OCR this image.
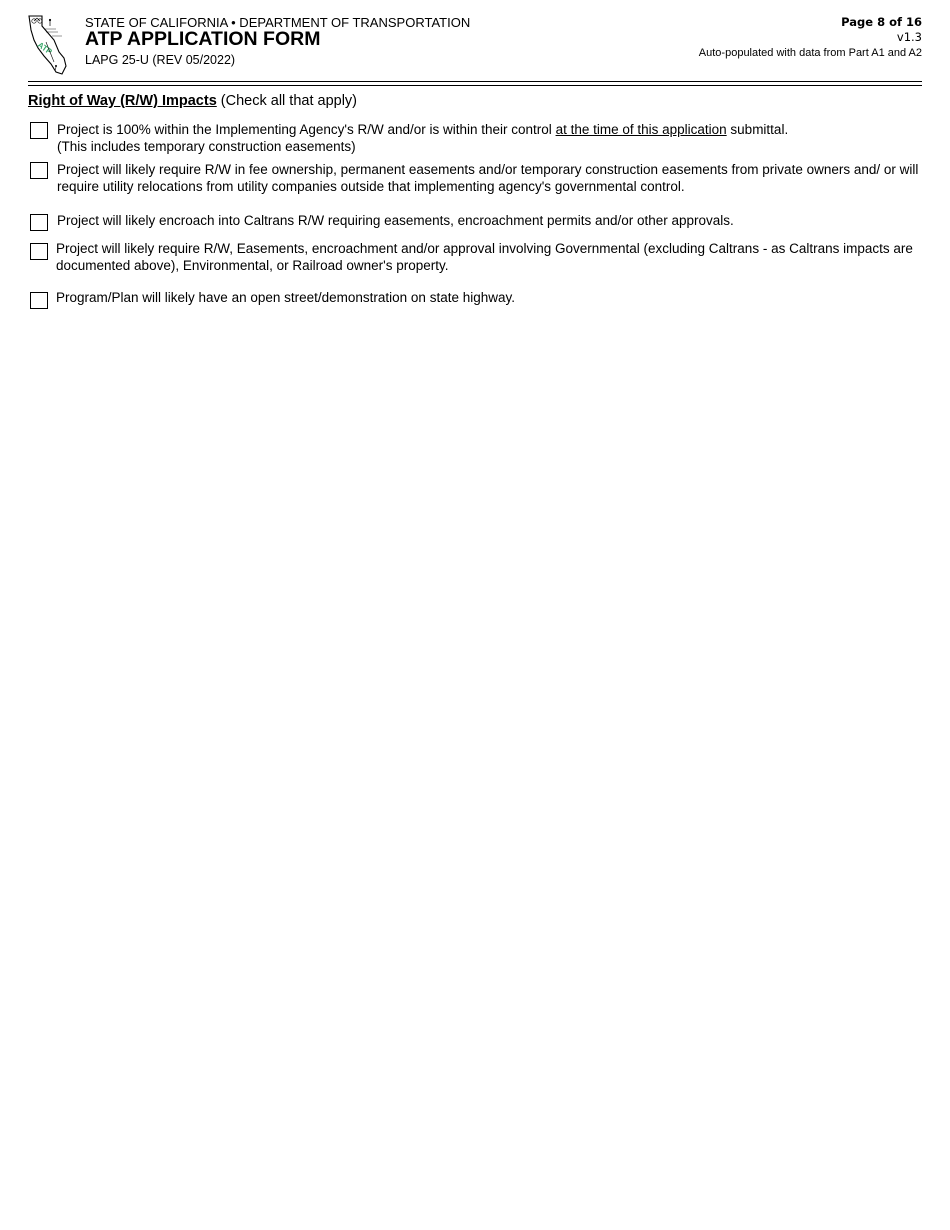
ATP
STATE OF CALIFORNIA • DEPARTMENT OF TRANSPORTATION
ATP APPLICATION FORM
LAPG 25-U (REV 05/2022)
Page 8 of 16
v1.3
Auto-populated with data from Part A1 and A2
Right of Way (R/W) Impacts (Check all that apply)
Project is 100% within the Implementing Agency's R/W and/or is within their control at the time of this application submittal.
(This includes temporary construction easements)
Project will likely require R/W in fee ownership, permanent easements and/or temporary construction easements from private owners and/ or will require utility relocations from utility companies outside that implementing agency's governmental control.
Project will likely encroach into Caltrans R/W requiring easements, encroachment permits and/or other approvals.
Project will likely require R/W, Easements, encroachment and/or approval involving Governmental (excluding Caltrans - as Caltrans impacts are documented above), Environmental, or Railroad owner's property.
Program/Plan will likely have an open street/demonstration on state highway.
